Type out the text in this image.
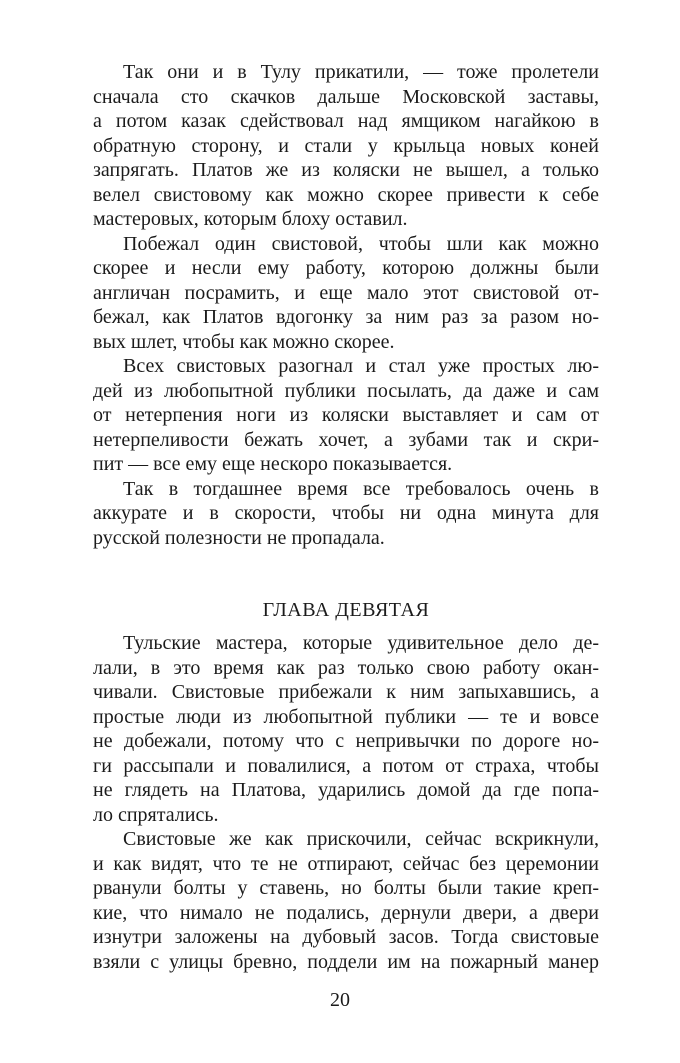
Так они и в Тулу прикатили, — тоже пролетели
сначала сто скачков дальше Московской заставы,
а потом казак сдействовал над ямщиком нагайкою в
обратную сторону, и стали у крыльца новых коней
запрягать. Платов же из коляски не вышел, а только
велел свистовому как можно скорее привести к себе
мастеровых, которым блоху оставил.

Побежал один свистовой, чтобы шли как можно
скорее и несли ему работу, которою должны были
англичан посрамить, и еще мало этот свистовой от-
бежал, как Платов вдогонку за ним раз за разом но-
вых шлет, чтобы как можно скорее.

Всех свистовых разогнал и стал уже простых лю-
дей из любопытной публики посылать, да даже и сам
от нетерпения ноги из коляски выставляет и сам от
нетерпеливости бежать хочет, а зубами так и скри-
пит — все ему еще нескоро показывается.

Так в тогдашнее время все требовалось очень в
аккурате и в скорости, чтобы ни одна минута для
русской полезности не пропадала.

ГЛАВА ДЕВЯТАЯ

Тульские мастера, которые удивительное дело де-
лали, в это время как раз только свою работу окан-
чивали. Свистовые прибежали к ним запыхавшись, а
простые люди из любопытной публики — те и вовсе
не добежали, потому что с непривычки по дороге но-
ги рассыпали и повалилися, а потом от страха, чтобы
не глядеть на Платова, ударились домой да где попа-
ло спрятались.

Свистовые же как прискочили, сейчас вскрикнули,
и как видят, что те не отпирают, сейчас без церемонии
рванули болты у ставень, но болты были такие креп-
кие, что нимало не подались, дернули двери, а двери
изнутри заложены на дубовый засов. Тогда свистовые
взяли с улицы бревно, поддели им на пожарный манер

20
